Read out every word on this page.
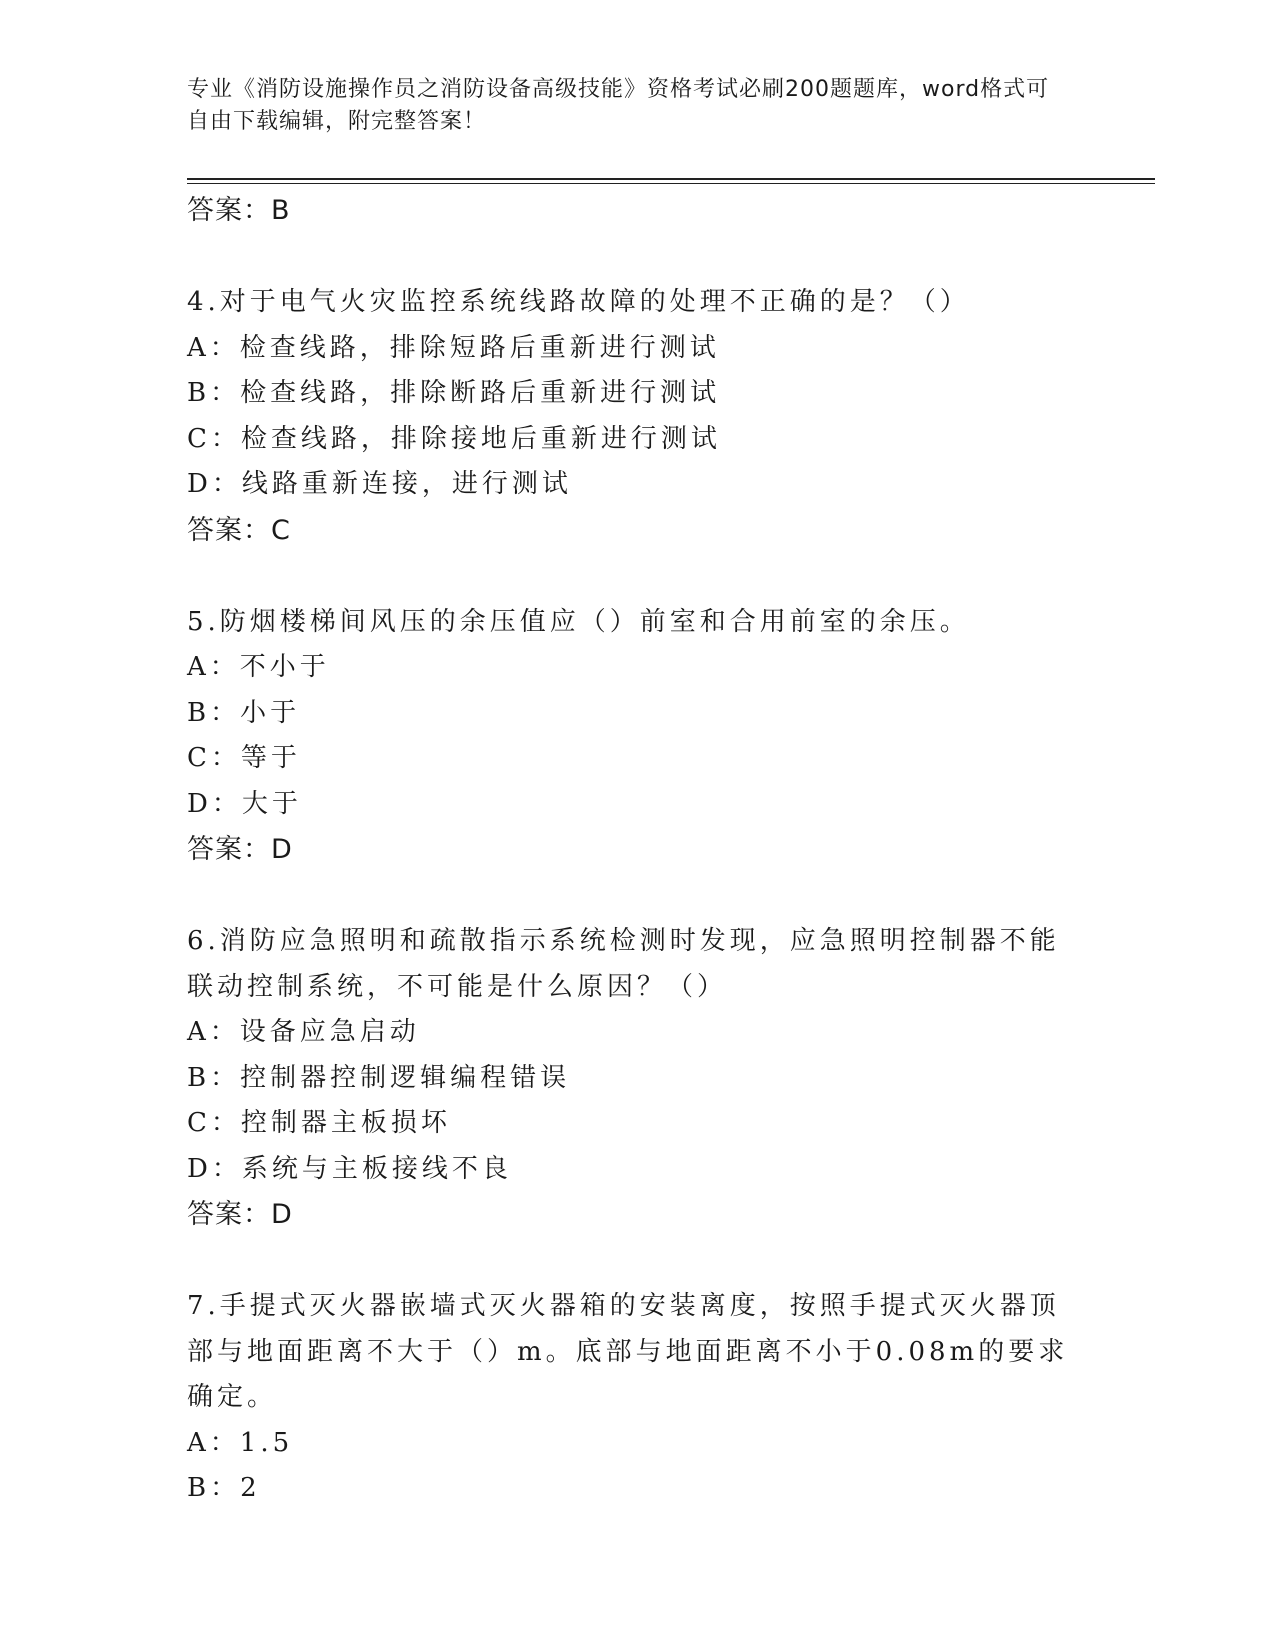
专业《消防设施操作员之消防设备高级技能》资格考试必刷200题题库，word格式可自由下载编辑，附完整答案！
答案：B
4.对于电气火灾监控系统线路故障的处理不正确的是？（）
A：检查线路，排除短路后重新进行测试
B：检查线路，排除断路后重新进行测试
C：检查线路，排除接地后重新进行测试
D：线路重新连接，进行测试
答案：C
5.防烟楼梯间风压的余压值应（）前室和合用前室的余压。
A：不小于
B：小于
C：等于
D：大于
答案：D
6.消防应急照明和疏散指示系统检测时发现，应急照明控制器不能联动控制系统，不可能是什么原因？（）
A：设备应急启动
B：控制器控制逻辑编程错误
C：控制器主板损坏
D：系统与主板接线不良
答案：D
7.手提式灭火器嵌墙式灭火器箱的安装离度，按照手提式灭火器顶部与地面距离不大于（）m。底部与地面距离不小于0.08m的要求确定。
A：1.5
B：2
